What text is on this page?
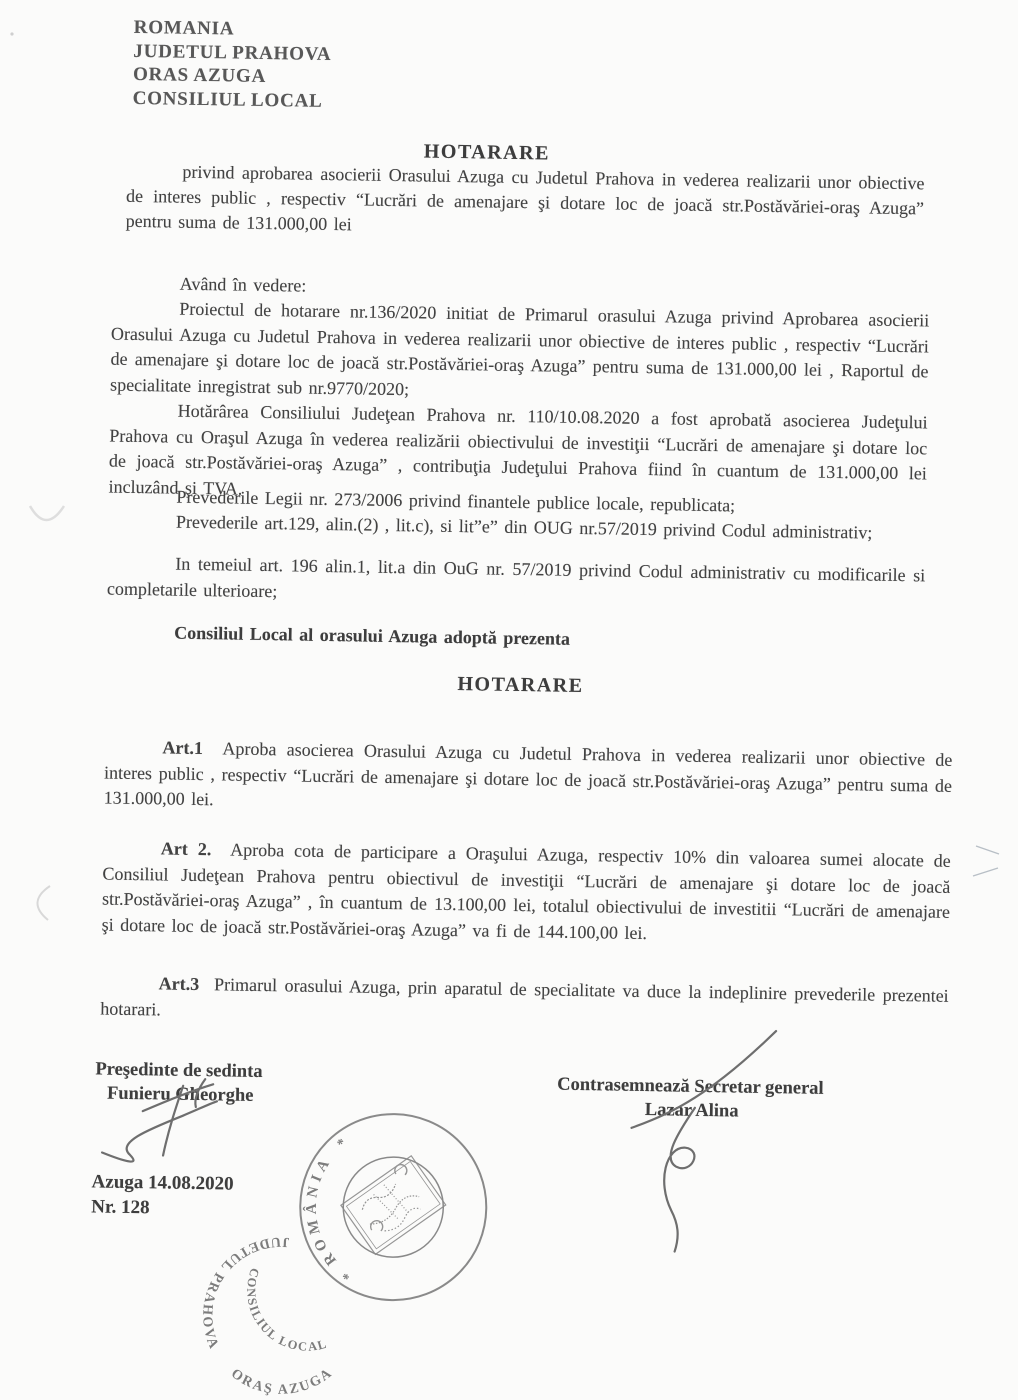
ROMANIA
JUDETUL PRAHOVA
ORAS AZUGA
CONSILIUL LOCAL
HOTARARE
privind aprobarea asocierii Orasului Azuga cu Judetul Prahova in vederea realizarii unor obiective de interes public , respectiv “Lucrări de amenajare şi dotare loc de joacă str.Postăvăriei-oraş Azuga” pentru suma de 131.000,00 lei
Având în vedere:
Proiectul de hotarare nr.136/2020 initiat de Primarul orasului Azuga privind Aprobarea asocierii Orasului Azuga cu Judetul Prahova in vederea realizarii unor obiective de interes public , respectiv “Lucrări de amenajare şi dotare loc de joacă str.Postăvăriei-oraş Azuga” pentru suma de 131.000,00 lei , Raportul de specialitate inregistrat sub nr.9770/2020;
Hotărârea Consiliului Judeţean Prahova nr. 110/10.08.2020 a fost aprobată asocierea Judeţului Prahova cu Oraşul Azuga în vederea realizării obiectivului de investiţii “Lucrări de amenajare şi dotare loc de joacă str.Postăvăriei-oraş Azuga” , contribuţia Judeţului Prahova fiind în cuantum de 131.000,00 lei incluzând şi TVA.
Prevederile Legii nr. 273/2006 privind finantele publice locale, republicata;
Prevederile art.129, alin.(2) , lit.c), si lit”e” din OUG nr.57/2019 privind Codul administrativ;
In temeiul art. 196 alin.1, lit.a din OuG nr. 57/2019 privind Codul administrativ cu modificarile si completarile ulterioare;
Consiliul Local al orasului Azuga adoptă prezenta
HOTARARE
Art.1 Aproba asocierea Orasului Azuga cu Judetul Prahova in vederea realizarii unor obiective de interes public , respectiv “Lucrări de amenajare şi dotare loc de joacă str.Postăvăriei-oraş Azuga” pentru suma de 131.000,00 lei.
Art 2. Aproba cota de participare a Oraşului Azuga, respectiv 10% din valoarea sumei alocate de Consiliul Judeţean Prahova pentru obiectivul de investiţii “Lucrări de amenajare şi dotare loc de joacă str.Postăvăriei-oraş Azuga” , în cuantum de 13.100,00 lei, totalul obiectivului de investitii “Lucrări de amenajare şi dotare loc de joacă str.Postăvăriei-oraş Azuga” va fi de 144.100,00 lei.
Art.3 Primarul orasului Azuga, prin aparatul de specialitate va duce la indeplinire prevederile prezentei hotarari.
Preşedinte de sedinta
Funieru Gheorghe	Contrasemnează Secretar general
Lazar Alina
Azuga 14.08.2020
Nr. 128
ROMÂNIA
*
*
JUDETUL PRAHOVA
ORAŞ AZUGA
CONSILIUL LOCAL
